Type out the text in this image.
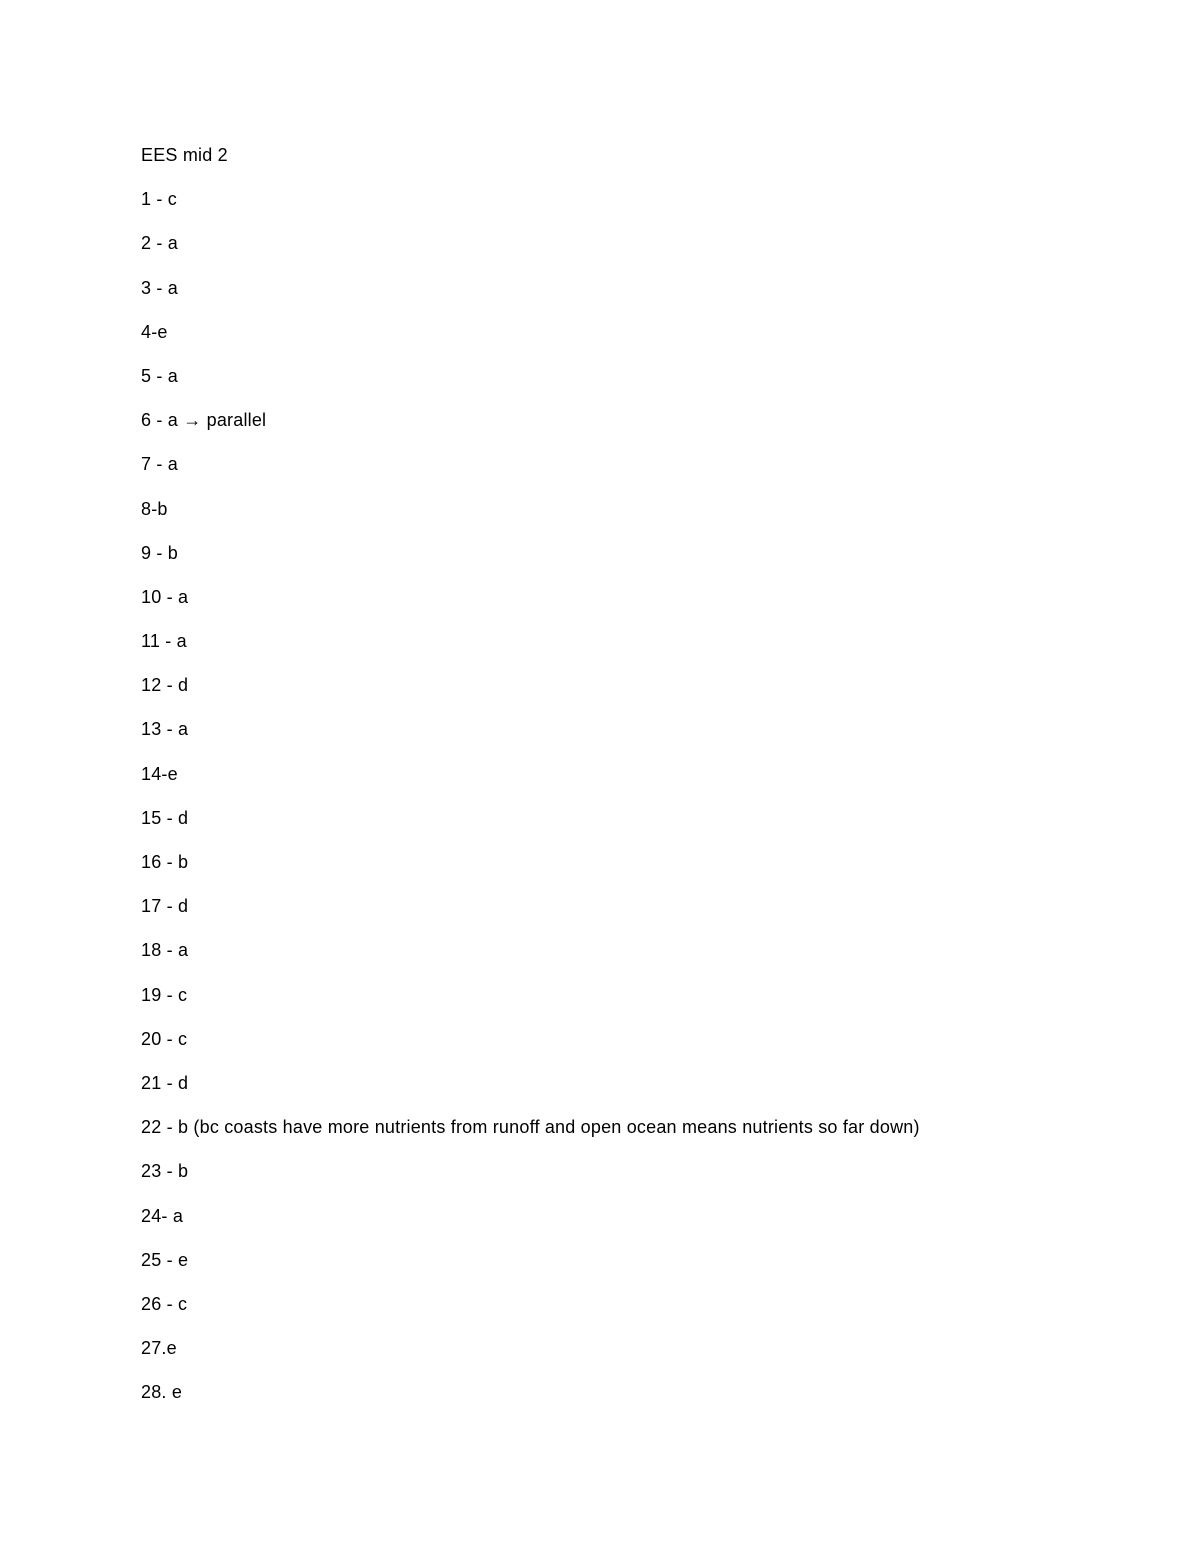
EES mid 2
1 - c
2 - a
3 - a
4-e
5 - a
6 - a → parallel
7 - a
8-b
9 - b
10 - a
11 - a
12 - d
13 - a
14-e
15 - d
16 - b
17 - d
18 - a
19 - c
20 - c
21 - d
22 - b (bc coasts have more nutrients from runoff and open ocean means nutrients so far down)
23 - b
24- a
25 - e
26 - c
27.e
28. e
